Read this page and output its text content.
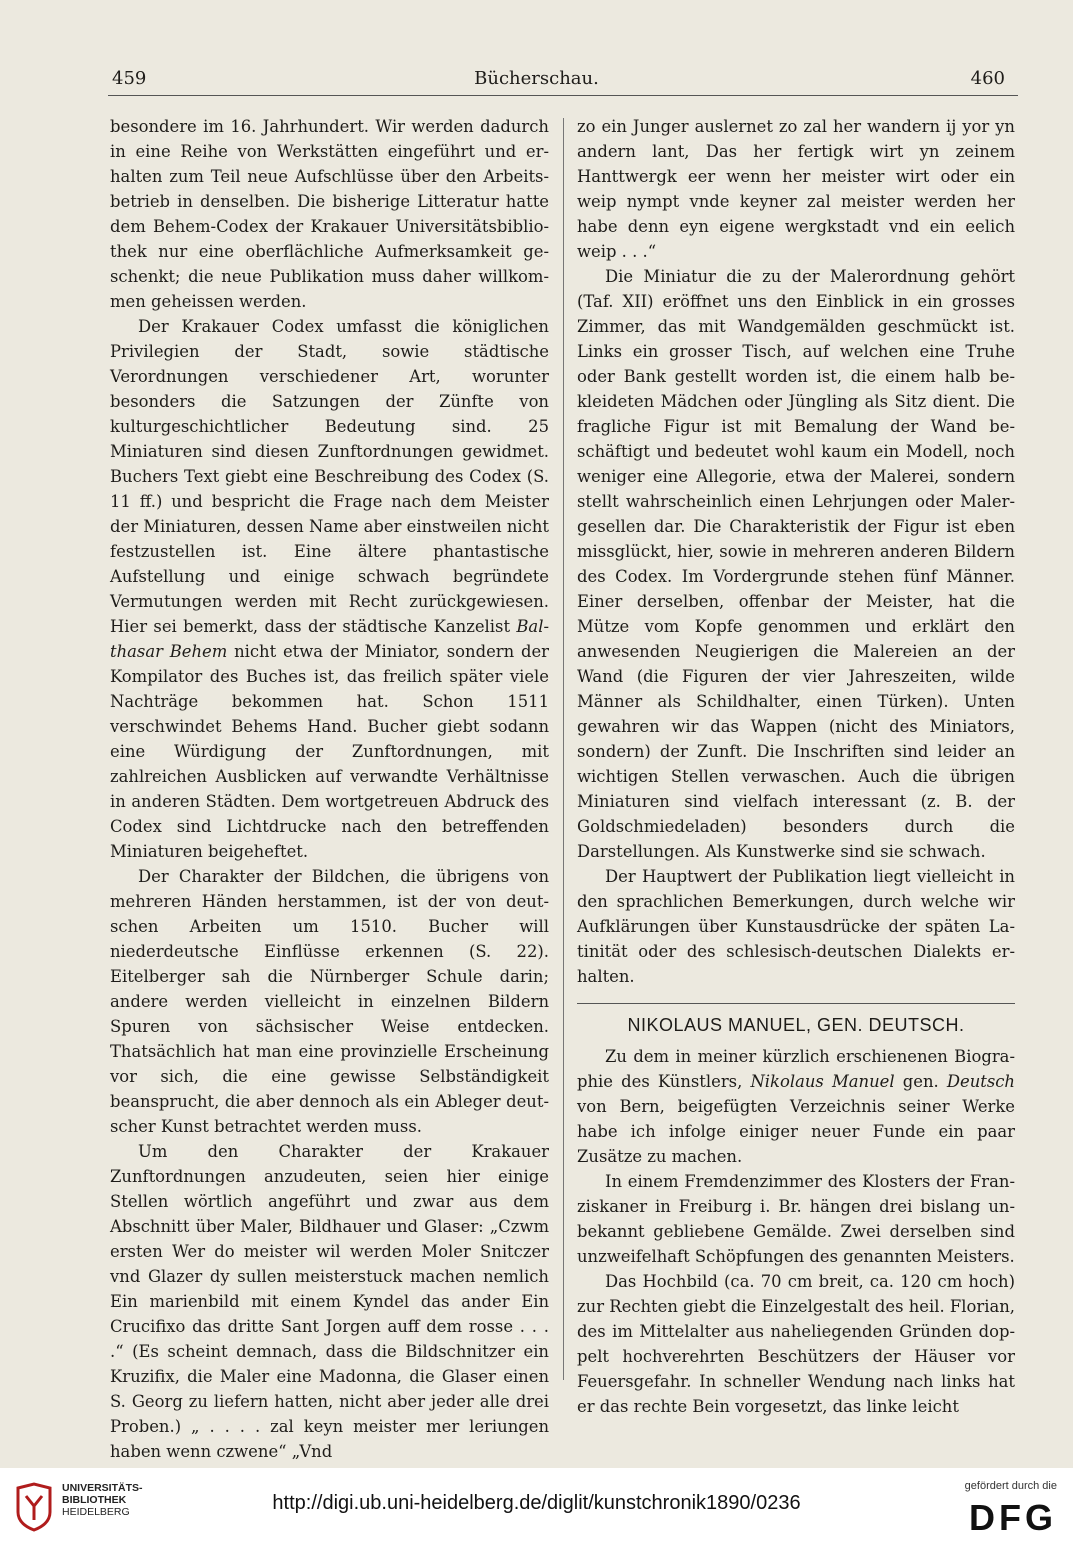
459	Bücherschau.	460

besondere im 16. Jahrhundert. Wir werden dadurch in eine Reihe von Werkstätten eingeführt und erhalten zum Teil neue Aufschlüsse über den Arbeitsbetrieb in denselben. Die bisherige Litteratur hatte dem Behem-Codex der Krakauer Universitätsbibliothek nur eine oberflächliche Aufmerksamkeit geschenkt; die neue Publikation muss daher willkommen geheissen werden.

Der Krakauer Codex umfasst die königlichen Privilegien der Stadt, sowie städtische Verordnungen verschiedener Art, worunter besonders die Satzungen der Zünfte von kulturgeschichtlicher Bedeutung sind. 25 Miniaturen sind diesen Zunftordnungen gewidmet. Buchers Text giebt eine Beschreibung des Codex (S. 11 ff.) und bespricht die Frage nach dem Meister der Miniaturen, dessen Name aber einstweilen nicht festzustellen ist. Eine ältere phantastische Aufstellung und einige schwach begründete Vermutungen werden mit Recht zurückgewiesen. Hier sei bemerkt, dass der städtische Kanzelist Balthasar Behem nicht etwa der Miniator, sondern der Kompilator des Buches ist, das freilich später viele Nachträge bekommen hat. Schon 1511 verschwindet Behems Hand. Bucher giebt sodann eine Würdigung der Zunftordnungen, mit zahlreichen Ausblicken auf verwandte Verhältnisse in anderen Städten. Dem wortgetreuen Abdruck des Codex sind Lichtdrucke nach den betreffenden Miniaturen beigeheftet.

Der Charakter der Bildchen, die übrigens von mehreren Händen herstammen, ist der von deutschen Arbeiten um 1510. Bucher will niederdeutsche Einflüsse erkennen (S. 22). Eitelberger sah die Nürnberger Schule darin; andere werden vielleicht in einzelnen Bildern Spuren von sächsischer Weise entdecken. Thatsächlich hat man eine provinzielle Erscheinung vor sich, die eine gewisse Selbständigkeit beansprucht, die aber dennoch als ein Ableger deutscher Kunst betrachtet werden muss.

Um den Charakter der Krakauer Zunftordnungen anzudeuten, seien hier einige Stellen wörtlich angeführt und zwar aus dem Abschnitt über Maler, Bildhauer und Glaser: „Czwm ersten Wer do meister wil werden Moler Snitczer vnd Glazer dy sullen meisterstuck machen nemlich Ein marienbild mit einem Kyndel das ander Ein Crucifixo das dritte Sant Jorgen auff dem rosse . . . .“ (Es scheint demnach, dass die Bildschnitzer ein Kruzifix, die Maler eine Madonna, die Glaser einen S. Georg zu liefern hatten, nicht aber jeder alle drei Proben.) „ . . . . zal keyn meister mer leriungen haben wenn czwene“ „Vnd

zo ein Junger auslernet zo zal her wandern ij yor yn andern lant, Das her fertigk wirt yn zeinem Hanttwergk eer wenn her meister wirt oder ein weip nympt vnde keyner zal meister werden her habe denn eyn eigene wergkstadt vnd ein eelich weip . . .“

Die Miniatur die zu der Malerordnung gehört (Taf. XII) eröffnet uns den Einblick in ein grosses Zimmer, das mit Wandgemälden geschmückt ist. Links ein grosser Tisch, auf welchen eine Truhe oder Bank gestellt worden ist, die einem halb bekleideten Mädchen oder Jüngling als Sitz dient. Die fragliche Figur ist mit Bemalung der Wand beschäftigt und bedeutet wohl kaum ein Modell, noch weniger eine Allegorie, etwa der Malerei, sondern stellt wahrscheinlich einen Lehrjungen oder Malergesellen dar. Die Charakteristik der Figur ist eben missglückt, hier, sowie in mehreren anderen Bildern des Codex. Im Vordergrunde stehen fünf Männer. Einer derselben, offenbar der Meister, hat die Mütze vom Kopfe genommen und erklärt den anwesenden Neugierigen die Malereien an der Wand (die Figuren der vier Jahreszeiten, wilde Männer als Schildhalter, einen Türken). Unten gewahren wir das Wappen (nicht des Miniators, sondern) der Zunft. Die Inschriften sind leider an wichtigen Stellen verwaschen. Auch die übrigen Miniaturen sind vielfach interessant (z. B. der Goldschmiedeladen) besonders durch die Darstellungen. Als Kunstwerke sind sie schwach.

Der Hauptwert der Publikation liegt vielleicht in den sprachlichen Bemerkungen, durch welche wir Aufklärungen über Kunstausdrücke der späten Latinität oder des schlesisch-deutschen Dialekts erhalten.

NIKOLAUS MANUEL, GEN. DEUTSCH.

Zu dem in meiner kürzlich erschienenen Biographie des Künstlers, Nikolaus Manuel gen. Deutsch von Bern, beigefügten Verzeichnis seiner Werke habe ich infolge einiger neuer Funde ein paar Zusätze zu machen.

In einem Fremdenzimmer des Klosters der Franziskaner in Freiburg i. Br. hängen drei bislang unbekannt gebliebene Gemälde. Zwei derselben sind unzweifelhaft Schöpfungen des genannten Meisters.

Das Hochbild (ca. 70 cm breit, ca. 120 cm hoch) zur Rechten giebt die Einzelgestalt des heil. Florian, des im Mittelalter aus naheliegenden Gründen doppelt hochverehrten Beschützers der Häuser vor Feuersgefahr. In schneller Wendung nach links hat er das rechte Bein vorgesetzt, das linke leicht

UNIVERSITÄTS-
BIBLIOTHEK
HEIDELBERG	http://digi.ub.uni-heidelberg.de/diglit/kunstchronik1890/0236
gefördert durch die
DFG
